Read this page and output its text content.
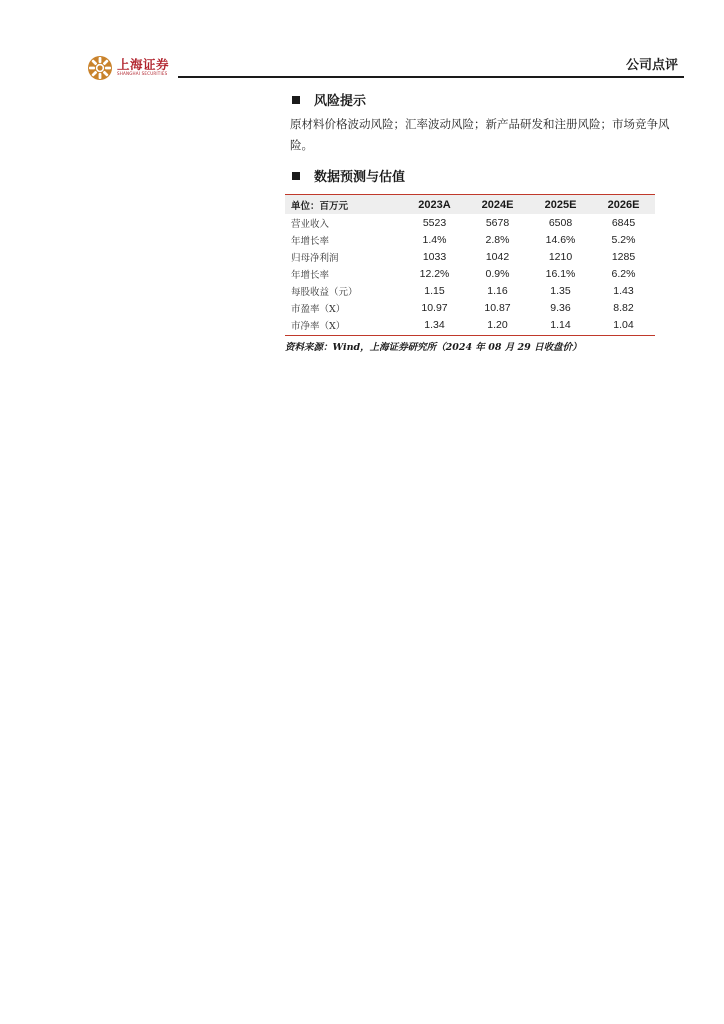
上海证券
SHANGHAI SECURITIES
公司点评
风险提示
原材料价格波动风险；汇率波动风险；新产品研发和注册风险；市场竞争风险。
数据预测与估值
单位：百万元	2023A	2024E	2025E	2026E
营业收入	5523	5678	6508	6845
年增长率	1.4%	2.8%	14.6%	5.2%
归母净利润	1033	1042	1210	1285
年增长率	12.2%	0.9%	16.1%	6.2%
每股收益（元）	1.15	1.16	1.35	1.43
市盈率（X）	10.97	10.87	9.36	8.82
市净率（X）	1.34	1.20	1.14	1.04
资料来源：Wind，上海证券研究所（2024 年 08 月 29 日收盘价）
